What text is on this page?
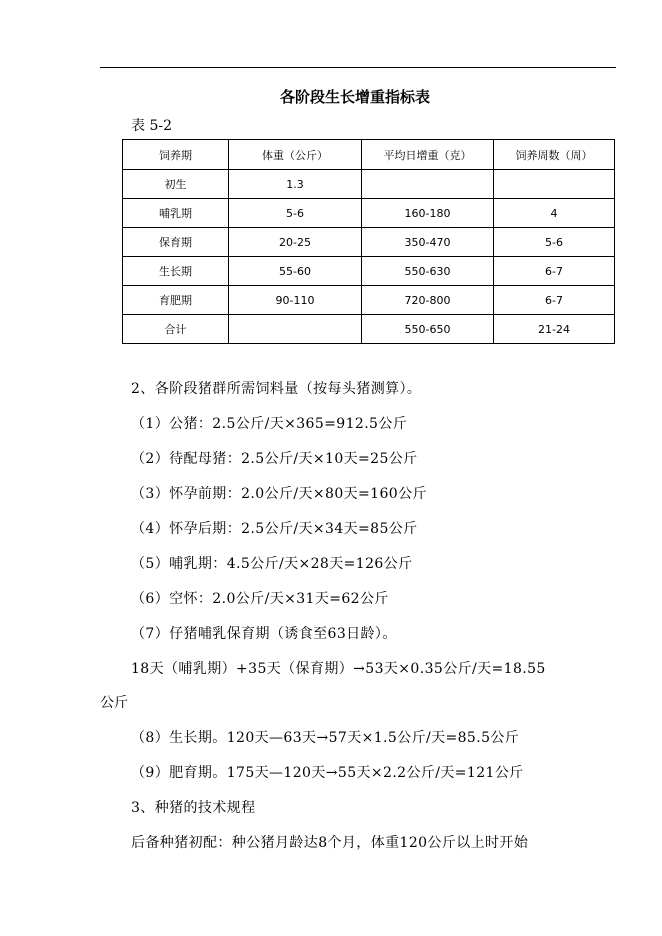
各阶段生长增重指标表
表 5-2
饲养期	体重（公斤）	平均日增重（克）	饲养周数（周）
初生	1.3		
哺乳期	5-6	160-180	4
保育期	20-25	350-470	5-6
生长期	55-60	550-630	6-7
育肥期	90-110	720-800	6-7
合计		550-650	21-24
2、各阶段猪群所需饲料量（按每头猪测算）。
（1）公猪：2.5公斤/天×365=912.5公斤
（2）待配母猪：2.5公斤/天×10天=25公斤
（3）怀孕前期：2.0公斤/天×80天=160公斤
（4）怀孕后期：2.5公斤/天×34天=85公斤
（5）哺乳期：4.5公斤/天×28天=126公斤
（6）空怀：2.0公斤/天×31天=62公斤
（7）仔猪哺乳保育期（诱食至63日龄）。
18天（哺乳期）+35天（保育期）→53天×0.35公斤/天=18.55
公斤
（8）生长期。120天—63天→57天×1.5公斤/天=85.5公斤
（9）肥育期。175天—120天→55天×2.2公斤/天=121公斤
3、种猪的技术规程
后备种猪初配：种公猪月龄达8个月，体重120公斤以上时开始
